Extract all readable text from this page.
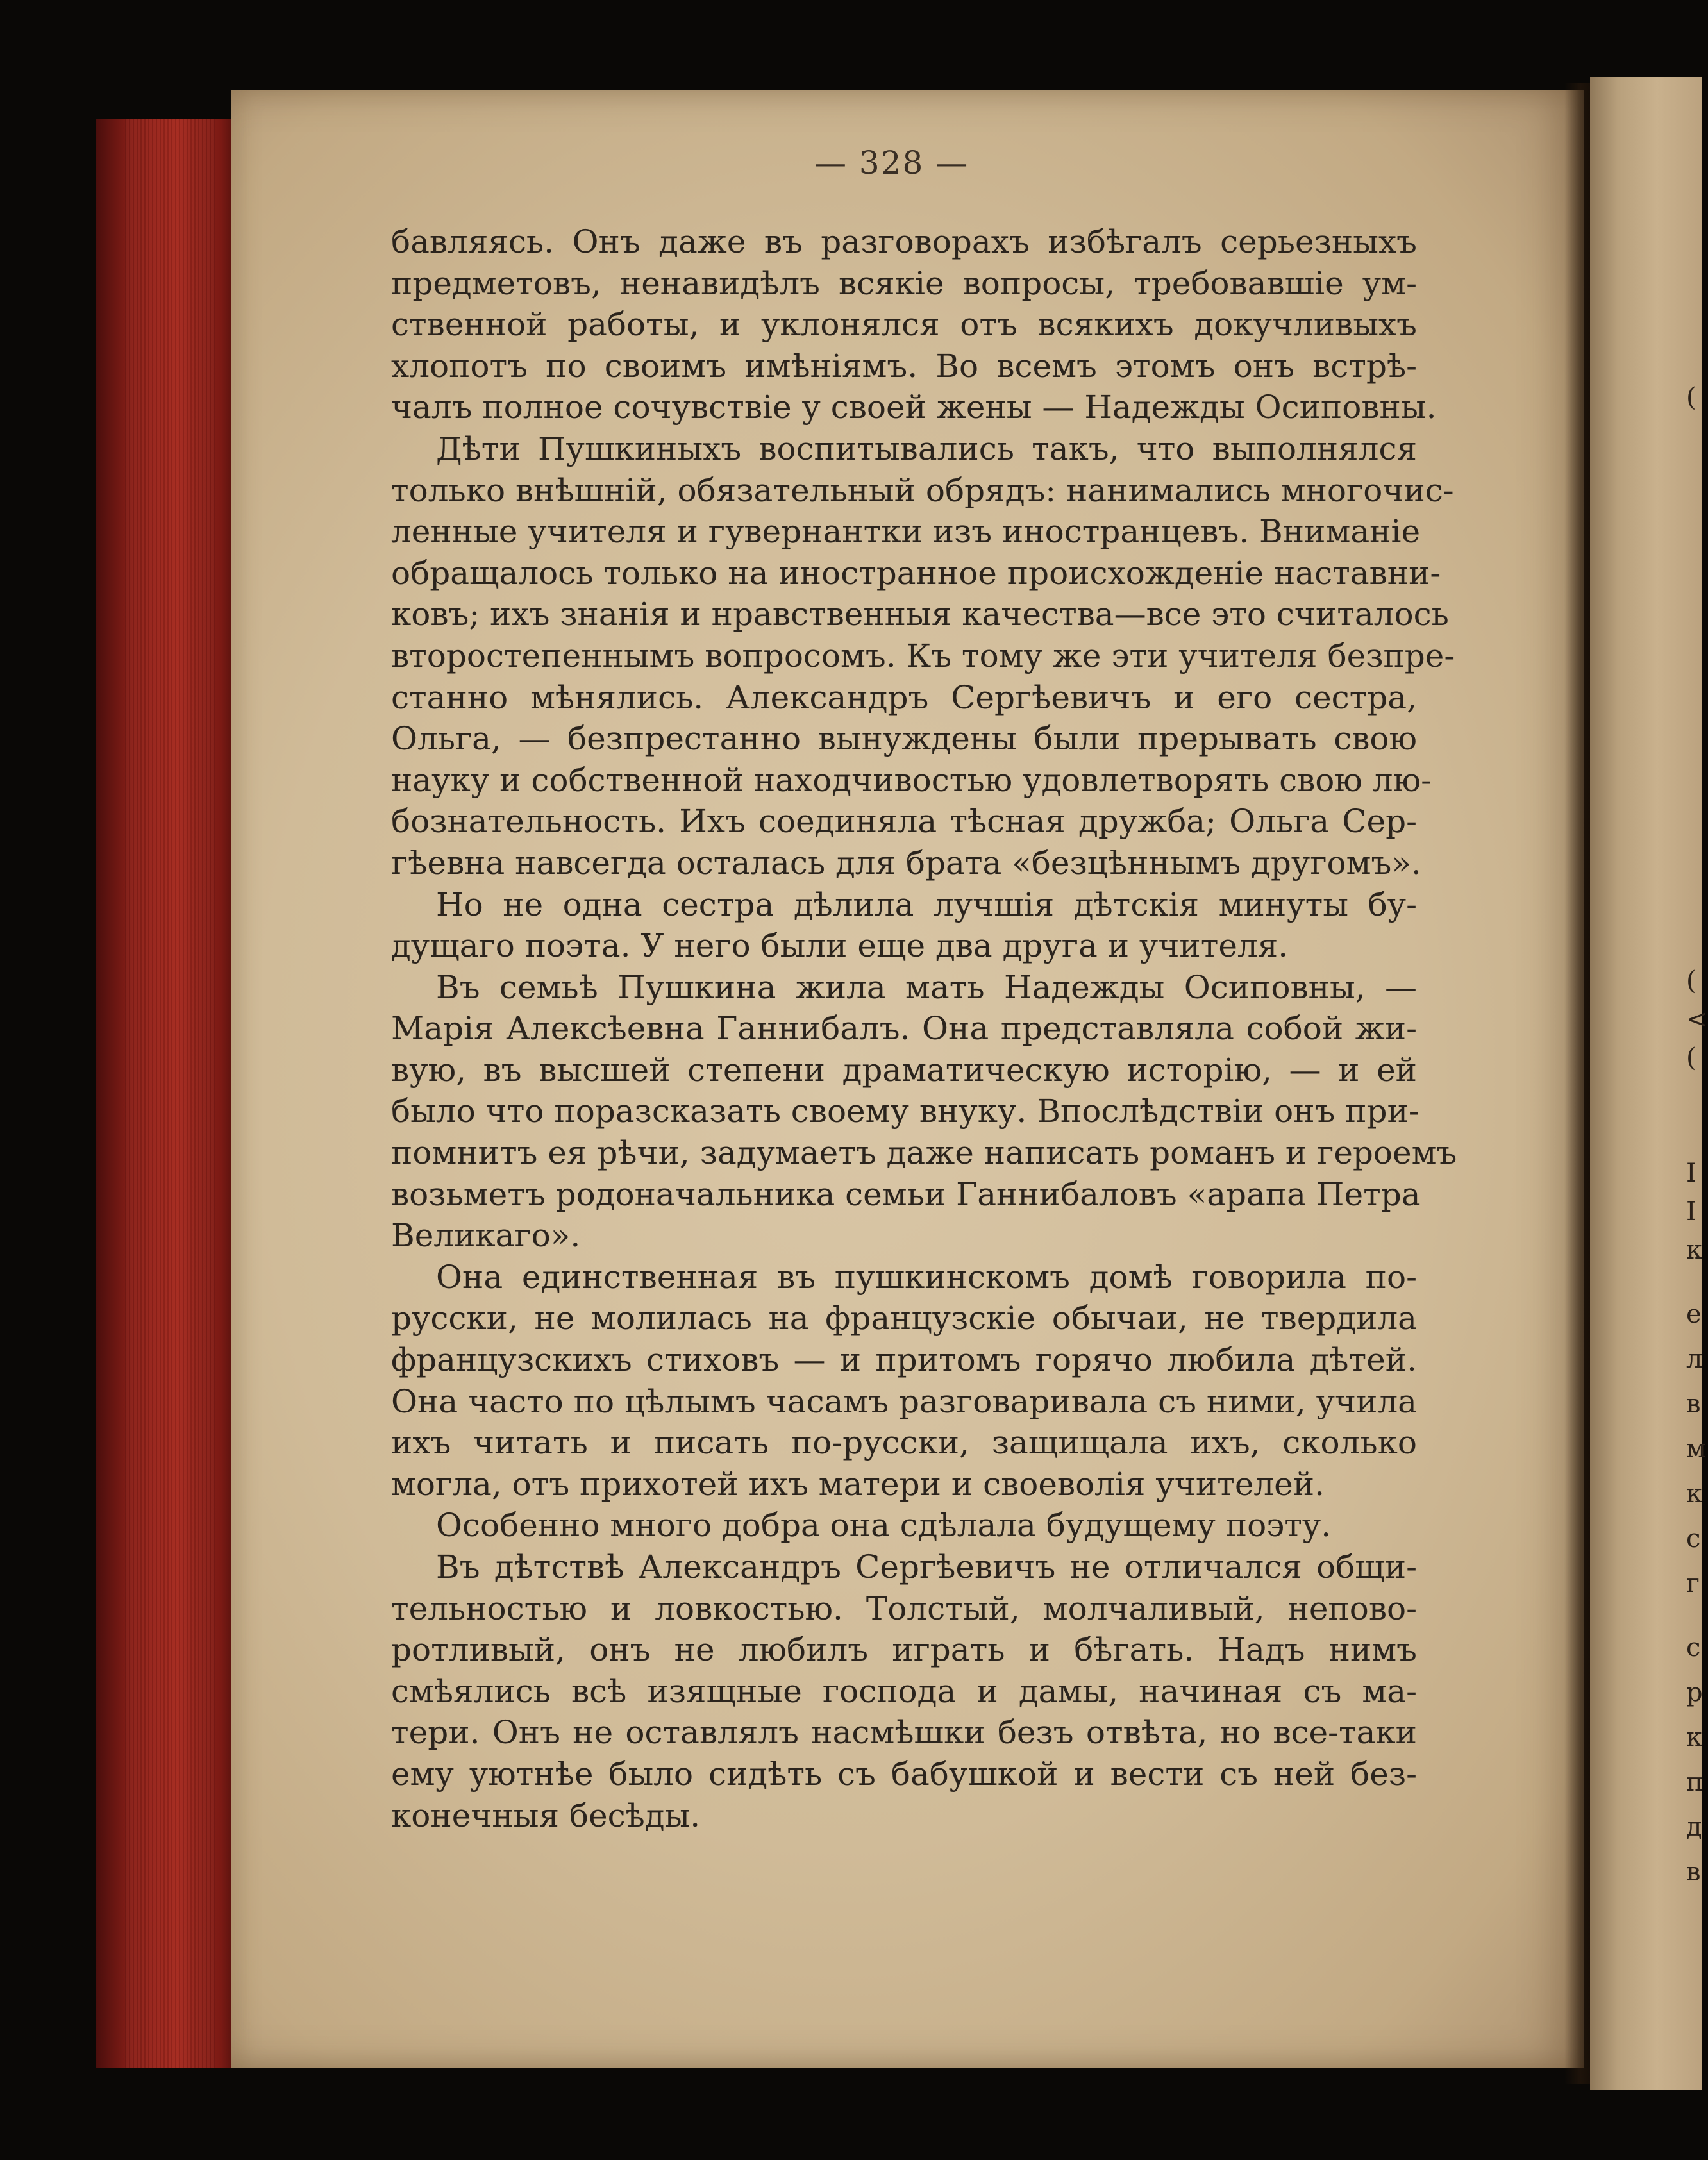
(
(
<
(
I
I
к
е
л
в
м
к
с
г
с
р
к
п
д
в
— 328 —
бавляясь. Онъ даже въ разговорахъ избѣгалъ серьезныхъ
предметовъ, ненавидѣлъ всякіе вопросы, требовавшіе ум-
ственной работы, и уклонялся отъ всякихъ докучливыхъ
хлопотъ по своимъ имѣніямъ. Во всемъ этомъ онъ встрѣ-
чалъ полное сочувствіе у своей жены — Надежды Осиповны.
Дѣти Пушкиныхъ воспитывались такъ, что выполнялся
только внѣшній, обязательный обрядъ: нанимались многочис-
ленные учителя и гувернантки изъ иностранцевъ. Вниманіе
обращалось только на иностранное происхожденіе наставни-
ковъ; ихъ знанія и нравственныя качества—все это считалось
второстепеннымъ вопросомъ. Къ тому же эти учителя безпре-
станно мѣнялись. Александръ Сергѣевичъ и его сестра,
Ольга, — безпрестанно вынуждены были прерывать свою
науку и собственной находчивостью удовлетворять свою лю-
бознательность. Ихъ соединяла тѣсная дружба; Ольга Сер-
гѣевна навсегда осталась для брата «безцѣннымъ другомъ».
Но не одна сестра дѣлила лучшія дѣтскія минуты бу-
дущаго поэта. У него были еще два друга и учителя.
Въ семьѣ Пушкина жила мать Надежды Осиповны, —
Марія Алексѣевна Ганнибалъ. Она представляла собой жи-
вую, въ высшей степени драматическую исторію, — и ей
было что поразсказать своему внуку. Впослѣдствіи онъ при-
помнитъ ея рѣчи, задумаетъ даже написать романъ и героемъ
возьметъ родоначальника семьи Ганнибаловъ «арапа Петра
Великаго».
Она единственная въ пушкинскомъ домѣ говорила по-
русски, не молилась на французскіе обычаи, не твердила
французскихъ стиховъ — и притомъ горячо любила дѣтей.
Она часто по цѣлымъ часамъ разговаривала съ ними, учила
ихъ читать и писать по-русски, защищала ихъ, сколько
могла, отъ прихотей ихъ матери и своеволія учителей.
Особенно много добра она сдѣлала будущему поэту.
Въ дѣтствѣ Александръ Сергѣевичъ не отличался общи-
тельностью и ловкостью. Толстый, молчаливый, непово-
ротливый, онъ не любилъ играть и бѣгать. Надъ нимъ
смѣялись всѣ изящные господа и дамы, начиная съ ма-
тери. Онъ не оставлялъ насмѣшки безъ отвѣта, но все-таки
ему уютнѣе было сидѣть съ бабушкой и вести съ ней без-
конечныя бесѣды.
